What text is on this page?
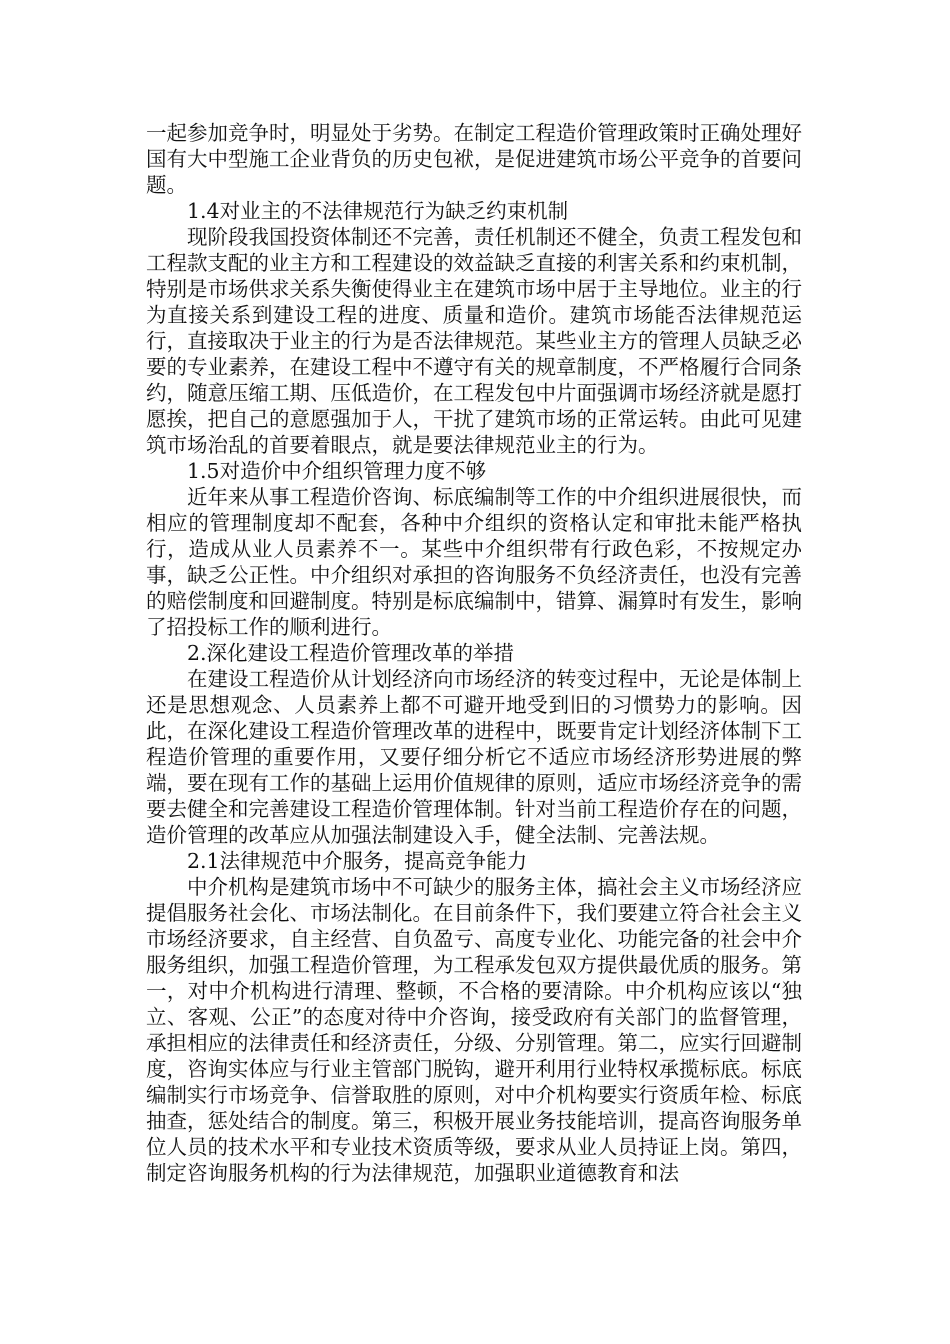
一起参加竞争时，明显处于劣势。在制定工程造价管理政策时正确处理好国有大中型施工企业背负的历史包袱，是促进建筑市场公平竞争的首要问题。

1.4对业主的不法律规范行为缺乏约束机制

现阶段我国投资体制还不完善，责任机制还不健全，负责工程发包和工程款支配的业主方和工程建设的效益缺乏直接的利害关系和约束机制，特别是市场供求关系失衡使得业主在建筑市场中居于主导地位。业主的行为直接关系到建设工程的进度、质量和造价。建筑市场能否法律规范运行，直接取决于业主的行为是否法律规范。某些业主方的管理人员缺乏必要的专业素养，在建设工程中不遵守有关的规章制度，不严格履行合同条约，随意压缩工期、压低造价，在工程发包中片面强调市场经济就是愿打愿挨，把自己的意愿强加于人，干扰了建筑市场的正常运转。由此可见建筑市场治乱的首要着眼点，就是要法律规范业主的行为。

1.5对造价中介组织管理力度不够

近年来从事工程造价咨询、标底编制等工作的中介组织进展很快，而相应的管理制度却不配套，各种中介组织的资格认定和审批未能严格执行，造成从业人员素养不一。某些中介组织带有行政色彩，不按规定办事，缺乏公正性。中介组织对承担的咨询服务不负经济责任，也没有完善的赔偿制度和回避制度。特别是标底编制中，错算、漏算时有发生，影响了招投标工作的顺利进行。

2.深化建设工程造价管理改革的举措

在建设工程造价从计划经济向市场经济的转变过程中，无论是体制上还是思想观念、人员素养上都不可避开地受到旧的习惯势力的影响。因此，在深化建设工程造价管理改革的进程中，既要肯定计划经济体制下工程造价管理的重要作用，又要仔细分析它不适应市场经济形势进展的弊端，要在现有工作的基础上运用价值规律的原则，适应市场经济竞争的需要去健全和完善建设工程造价管理体制。针对当前工程造价存在的问题，造价管理的改革应从加强法制建设入手，健全法制、完善法规。

2.1法律规范中介服务，提高竞争能力

中介机构是建筑市场中不可缺少的服务主体，搞社会主义市场经济应提倡服务社会化、市场法制化。在目前条件下，我们要建立符合社会主义市场经济要求，自主经营、自负盈亏、高度专业化、功能完备的社会中介服务组织，加强工程造价管理，为工程承发包双方提供最优质的服务。第一，对中介机构进行清理、整顿，不合格的要清除。中介机构应该以“独立、客观、公正”的态度对待中介咨询，接受政府有关部门的监督管理，承担相应的法律责任和经济责任，分级、分别管理。第二，应实行回避制度，咨询实体应与行业主管部门脱钩，避开利用行业特权承揽标底。标底编制实行市场竞争、信誉取胜的原则，对中介机构要实行资质年检、标底抽查，惩处结合的制度。第三，积极开展业务技能培训，提高咨询服务单位人员的技术水平和专业技术资质等级，要求从业人员持证上岗。第四，制定咨询服务机构的行为法律规范，加强职业道德教育和法
